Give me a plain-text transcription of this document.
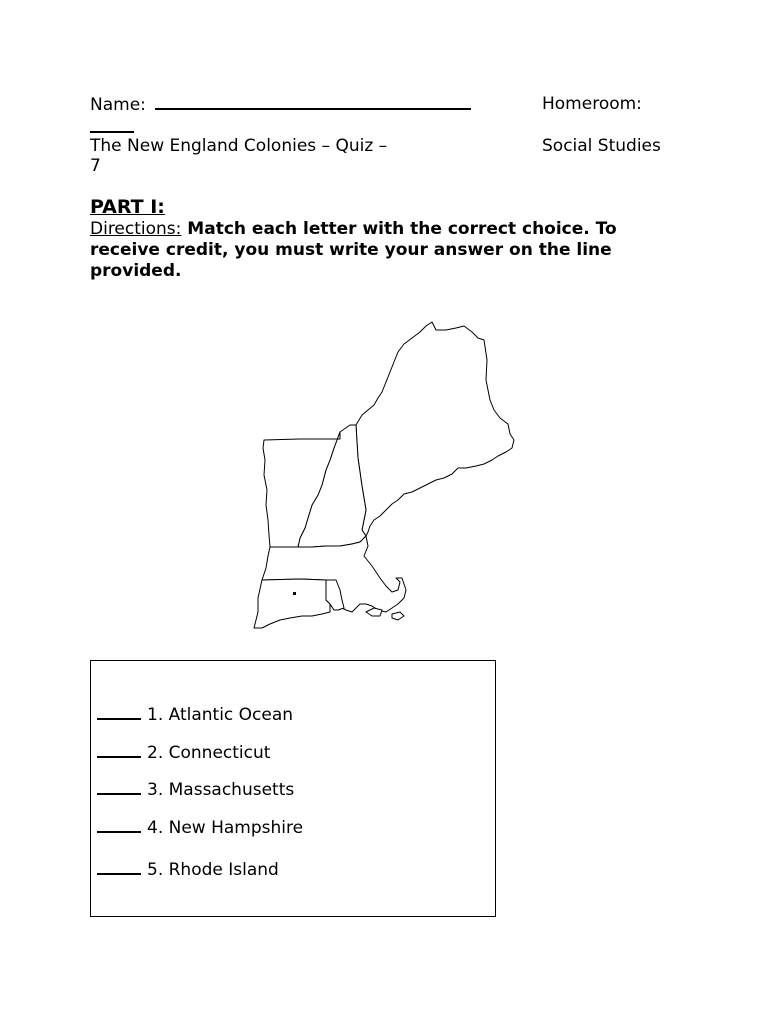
Name:	Homeroom:
The New England Colonies – Quiz – 7
Social Studies
PART I:
Directions: Match each letter with the correct choice. To receive credit, you must write your answer on the line provided.
1. Atlantic Ocean
2. Connecticut
3. Massachusetts
4. New Hampshire
5. Rhode Island
